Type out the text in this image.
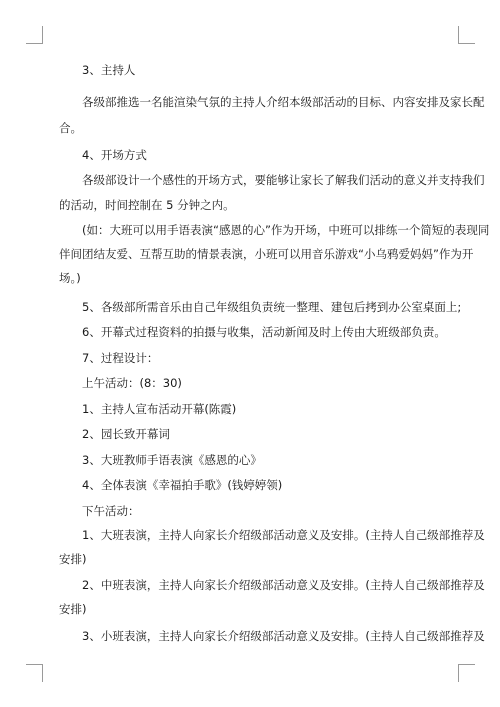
3、主持人
各级部推选一名能渲染气氛的主持人介绍本级部活动的目标、内容安排及家长配
合。
4、开场方式
各级部设计一个感性的开场方式，要能够让家长了解我们活动的意义并支持我们
的活动，时间控制在 5 分钟之内。
(如：大班可以用手语表演“感恩的心”作为开场，中班可以排练一个简短的表现同
伴间团结友爱、互帮互助的情景表演，小班可以用音乐游戏“小乌鸦爱妈妈”作为开
场。)
5、各级部所需音乐由自己年级组负责统一整理、建包后拷到办公室桌面上;
6、开幕式过程资料的拍摄与收集，活动新闻及时上传由大班级部负责。
7、过程设计：
上午活动：(8：30)
1、主持人宣布活动开幕(陈霞)
2、园长致开幕词
3、大班教师手语表演《感恩的心》
4、全体表演《幸福拍手歌》(钱婷婷领)
下午活动：
1、大班表演，主持人向家长介绍级部活动意义及安排。(主持人自己级部推荐及
安排)
2、中班表演，主持人向家长介绍级部活动意义及安排。(主持人自己级部推荐及
安排)
3、小班表演，主持人向家长介绍级部活动意义及安排。(主持人自己级部推荐及
